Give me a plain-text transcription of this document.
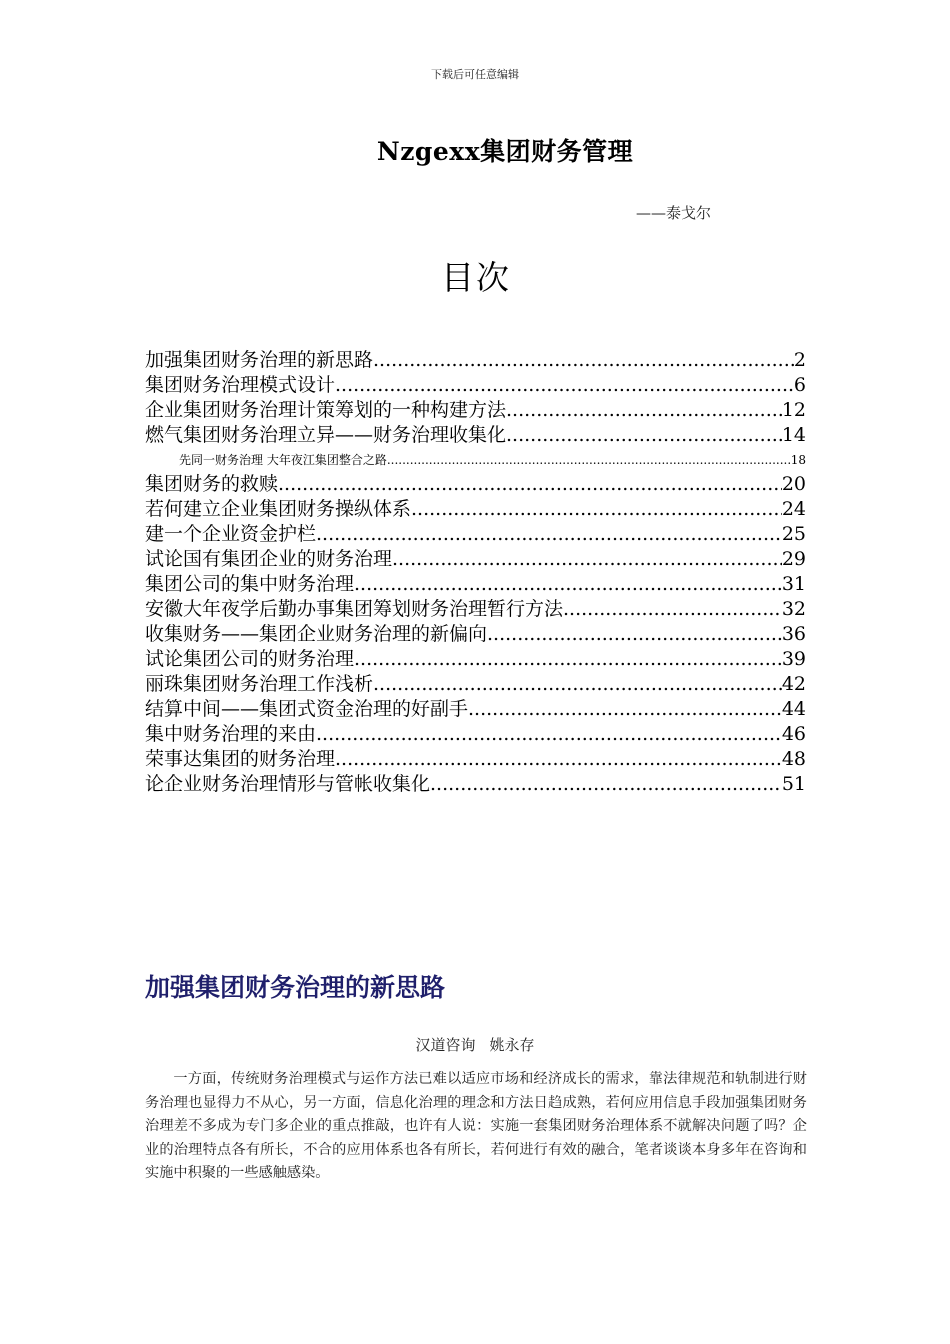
下载后可任意编辑
Nzgexx集团财务管理
——泰戈尔
目次
加强集团财务治理的新思路 .....	2
集团财务治理模式设计 .....	6
企业集团财务治理计策筹划的一种构建方法 .....	12
燃气集团财务治理立异——财务治理收集化 .....	14
先同一财务治理 大年夜江集团整合之路 .....	18
集团财务的救赎 .....	20
若何建立企业集团财务操纵体系 .....	24
建一个企业资金护栏 .....	25
试论国有集团企业的财务治理 .....	29
集团公司的集中财务治理 .....	31
安徽大年夜学后勤办事集团筹划财务治理暂行方法 .....	32
收集财务——集团企业财务治理的新偏向 .....	36
试论集团公司的财务治理 .....	39
丽珠集团财务治理工作浅析 .....	42
结算中间——集团式资金治理的好副手 .....	44
集中财务治理的来由 .....	46
荣事达集团的财务治理 .....	48
论企业财务治理情形与管帐收集化 .....	51
加强集团财务治理的新思路
汉道咨询 姚永存
一方面，传统财务治理模式与运作方法已难以适应市场和经济成长的需求，靠法律规范和轨制进行财务治理也显得力不从心，另一方面，信息化治理的理念和方法日趋成熟，若何应用信息手段加强集团财务治理差不多成为专门多企业的重点推敲，也许有人说：实施一套集团财务治理体系不就解决问题了吗？企业的治理特点各有所长，不合的应用体系也各有所长，若何进行有效的融合，笔者谈谈本身多年在咨询和实施中积聚的一些感触感染。
